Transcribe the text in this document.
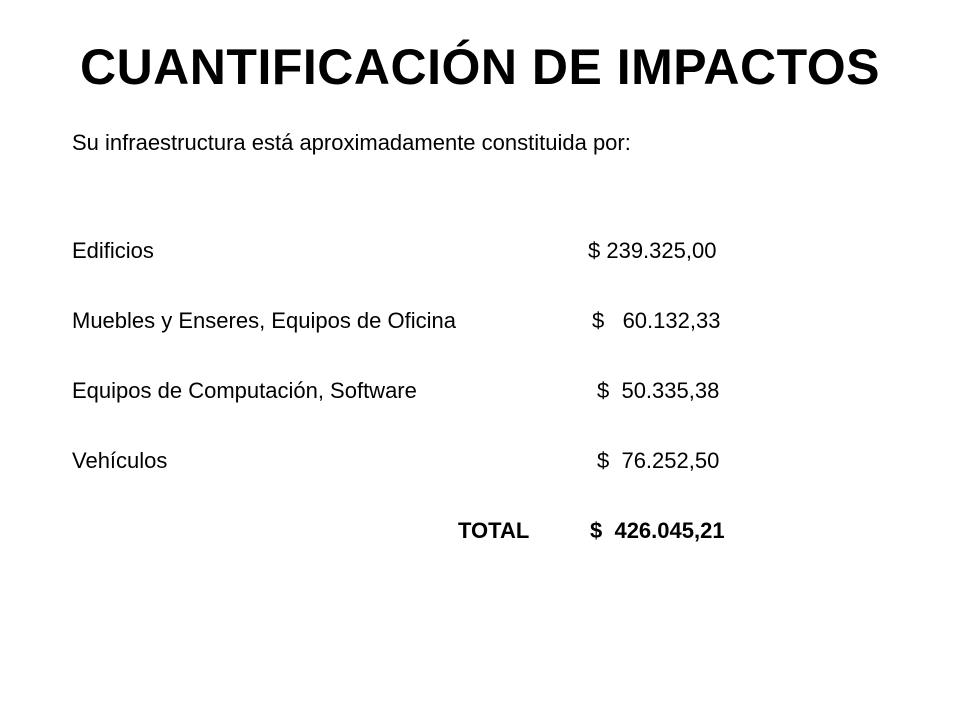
CUANTIFICACIÓN DE IMPACTOS
Su infraestructura está aproximadamente constituida por:
Edificios	$ 239.325,00
Muebles y Enseres, Equipos de Oficina	$   60.132,33
Equipos de Computación, Software	$  50.335,38
Vehículos	$  76.252,50
TOTAL	$  426.045,21
